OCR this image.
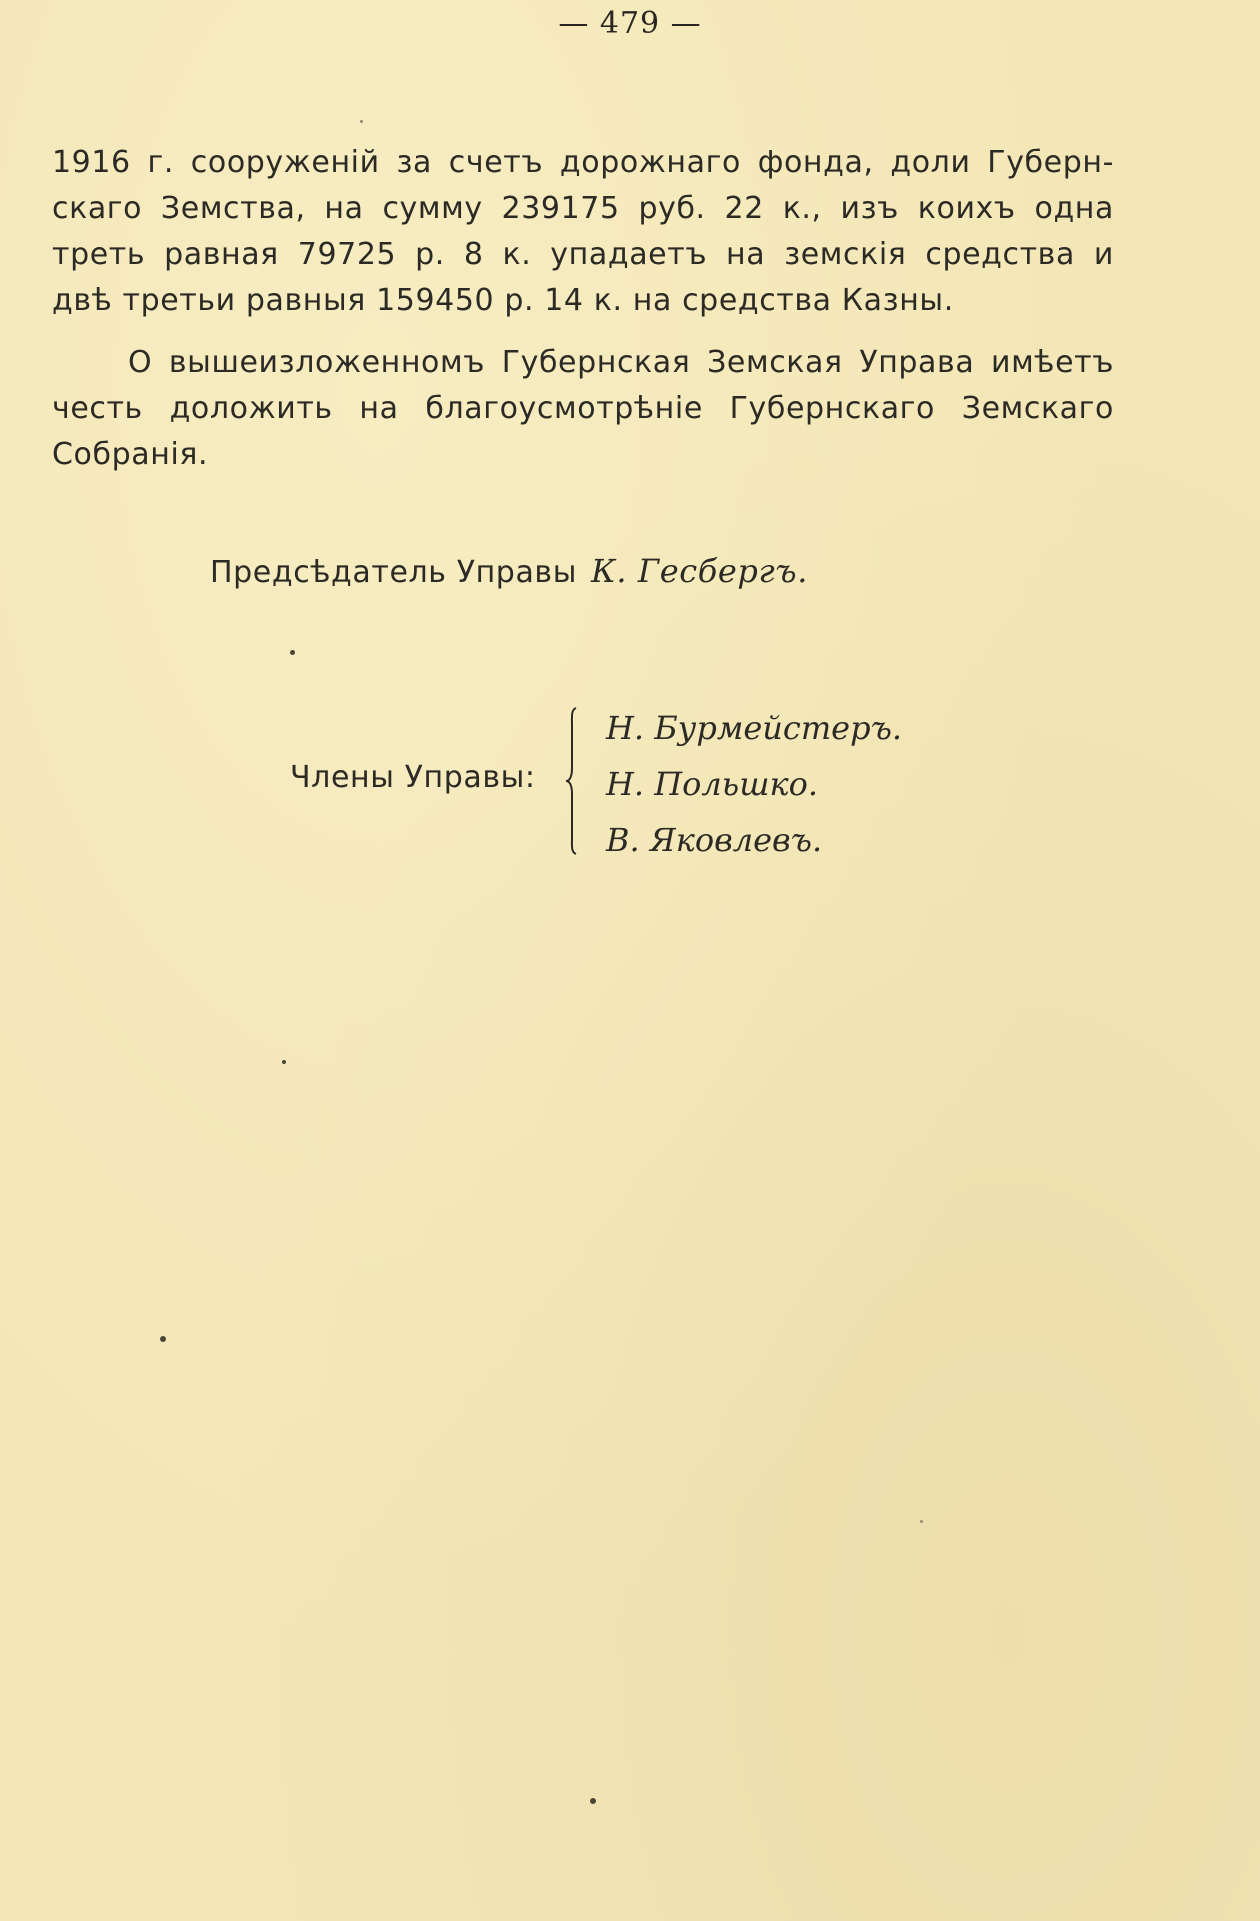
— 479 —
1916 г. сооруженій за счетъ дорожнаго фонда, доли Губерн-
скаго Земства, на сумму 239175 руб. 22 к., изъ коихъ одна
треть равная 79725 р. 8 к. упадаетъ на земскія средства и
двѣ третьи равныя 159450 р. 14 к. на средства Казны.
О вышеизложенномъ Губернская Земская Управа имѣетъ
честь доложить на благоусмотрѣніе Губернскаго Земскаго
Собранія.
Предсѣдатель Управы К. Гесбергъ.
Члены Управы:
Н. Бурмейстеръ.
Н. Польшко.
В. Яковлевъ.
